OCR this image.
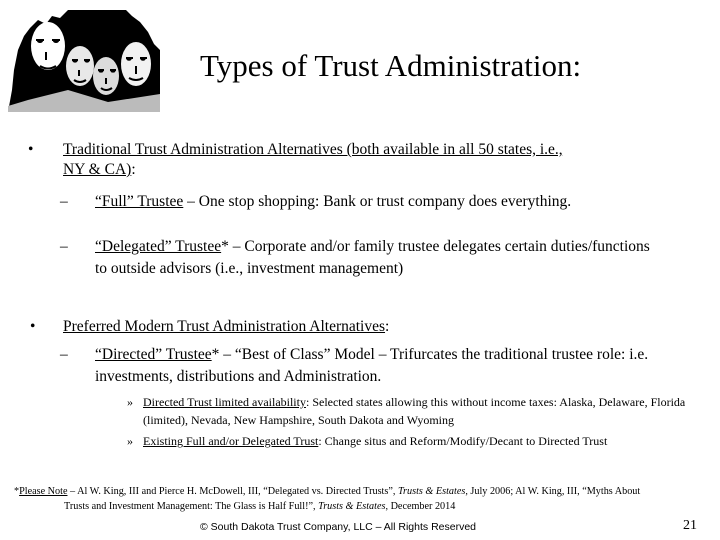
Types of Trust Administration:
• Traditional Trust Administration Alternatives (both available in all 50 states, i.e.,
NY & CA):
– “Full” Trustee – One stop shopping: Bank or trust company does everything.
– “Delegated” Trustee* – Corporate and/or family trustee delegates certain duties/functions to outside advisors (i.e., investment management)
• Preferred Modern Trust Administration Alternatives:
– “Directed” Trustee* – “Best of Class” Model – Trifurcates the traditional trustee role: i.e. investments, distributions and Administration.
» Directed Trust limited availability: Selected states allowing this without income taxes: Alaska, Delaware, Florida (limited), Nevada, New Hampshire, South Dakota and Wyoming
» Existing Full and/or Delegated Trust: Change situs and Reform/Modify/Decant to Directed Trust
*Please Note – Al W. King, III and Pierce H. McDowell, III, “Delegated vs. Directed Trusts”, Trusts & Estates, July 2006; Al W. King, III, “Myths About
Trusts and Investment Management: The Glass is Half Full!”, Trusts & Estates, December 2014
© South Dakota Trust Company, LLC – All Rights Reserved	21
